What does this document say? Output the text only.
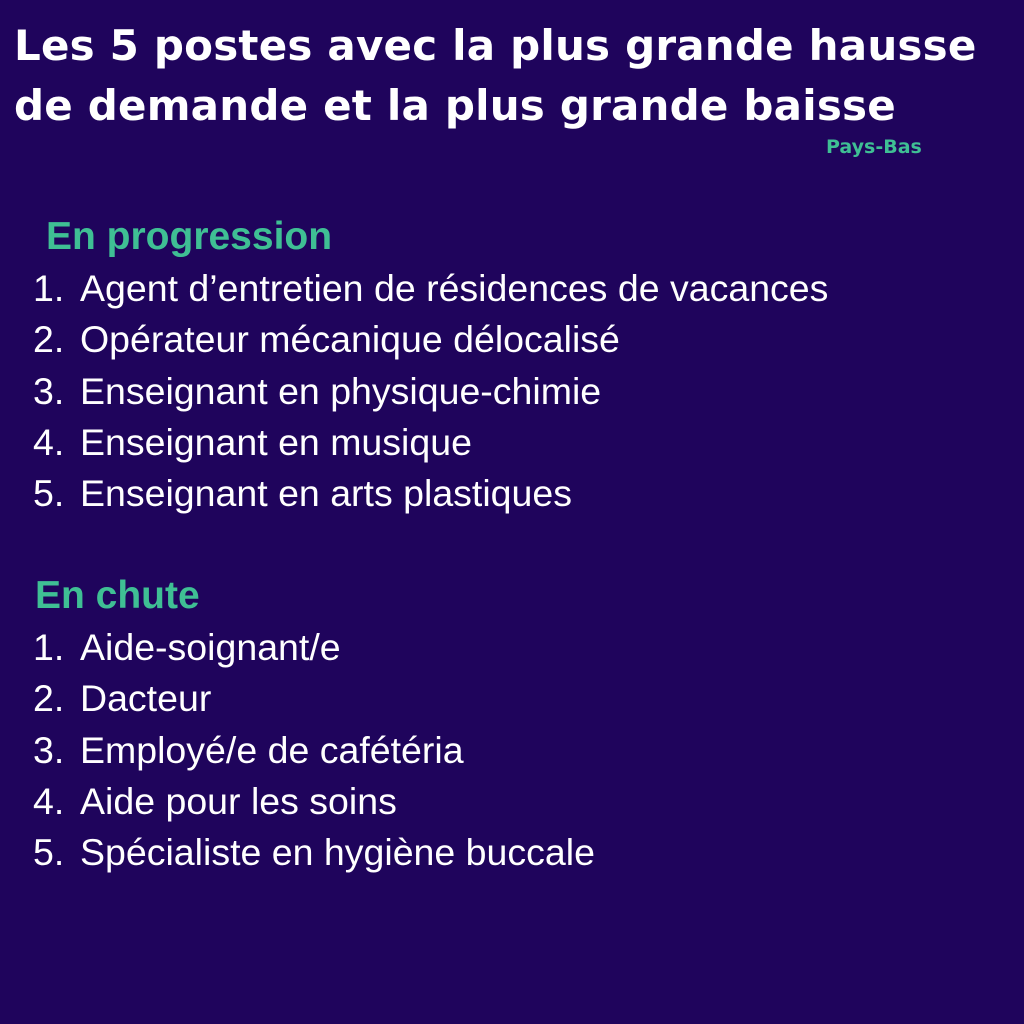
Les 5 postes avec la plus grande hausse
de demande et la plus grande baisse
Pays-Bas
En progression
1. Agent d’entretien de résidences de vacances
2. Opérateur mécanique délocalisé
3. Enseignant en physique-chimie
4. Enseignant en musique
5. Enseignant en arts plastiques
En chute
1. Aide-soignant/e
2. Dacteur
3. Employé/e de cafétéria
4. Aide pour les soins
5. Spécialiste en hygiène buccale
